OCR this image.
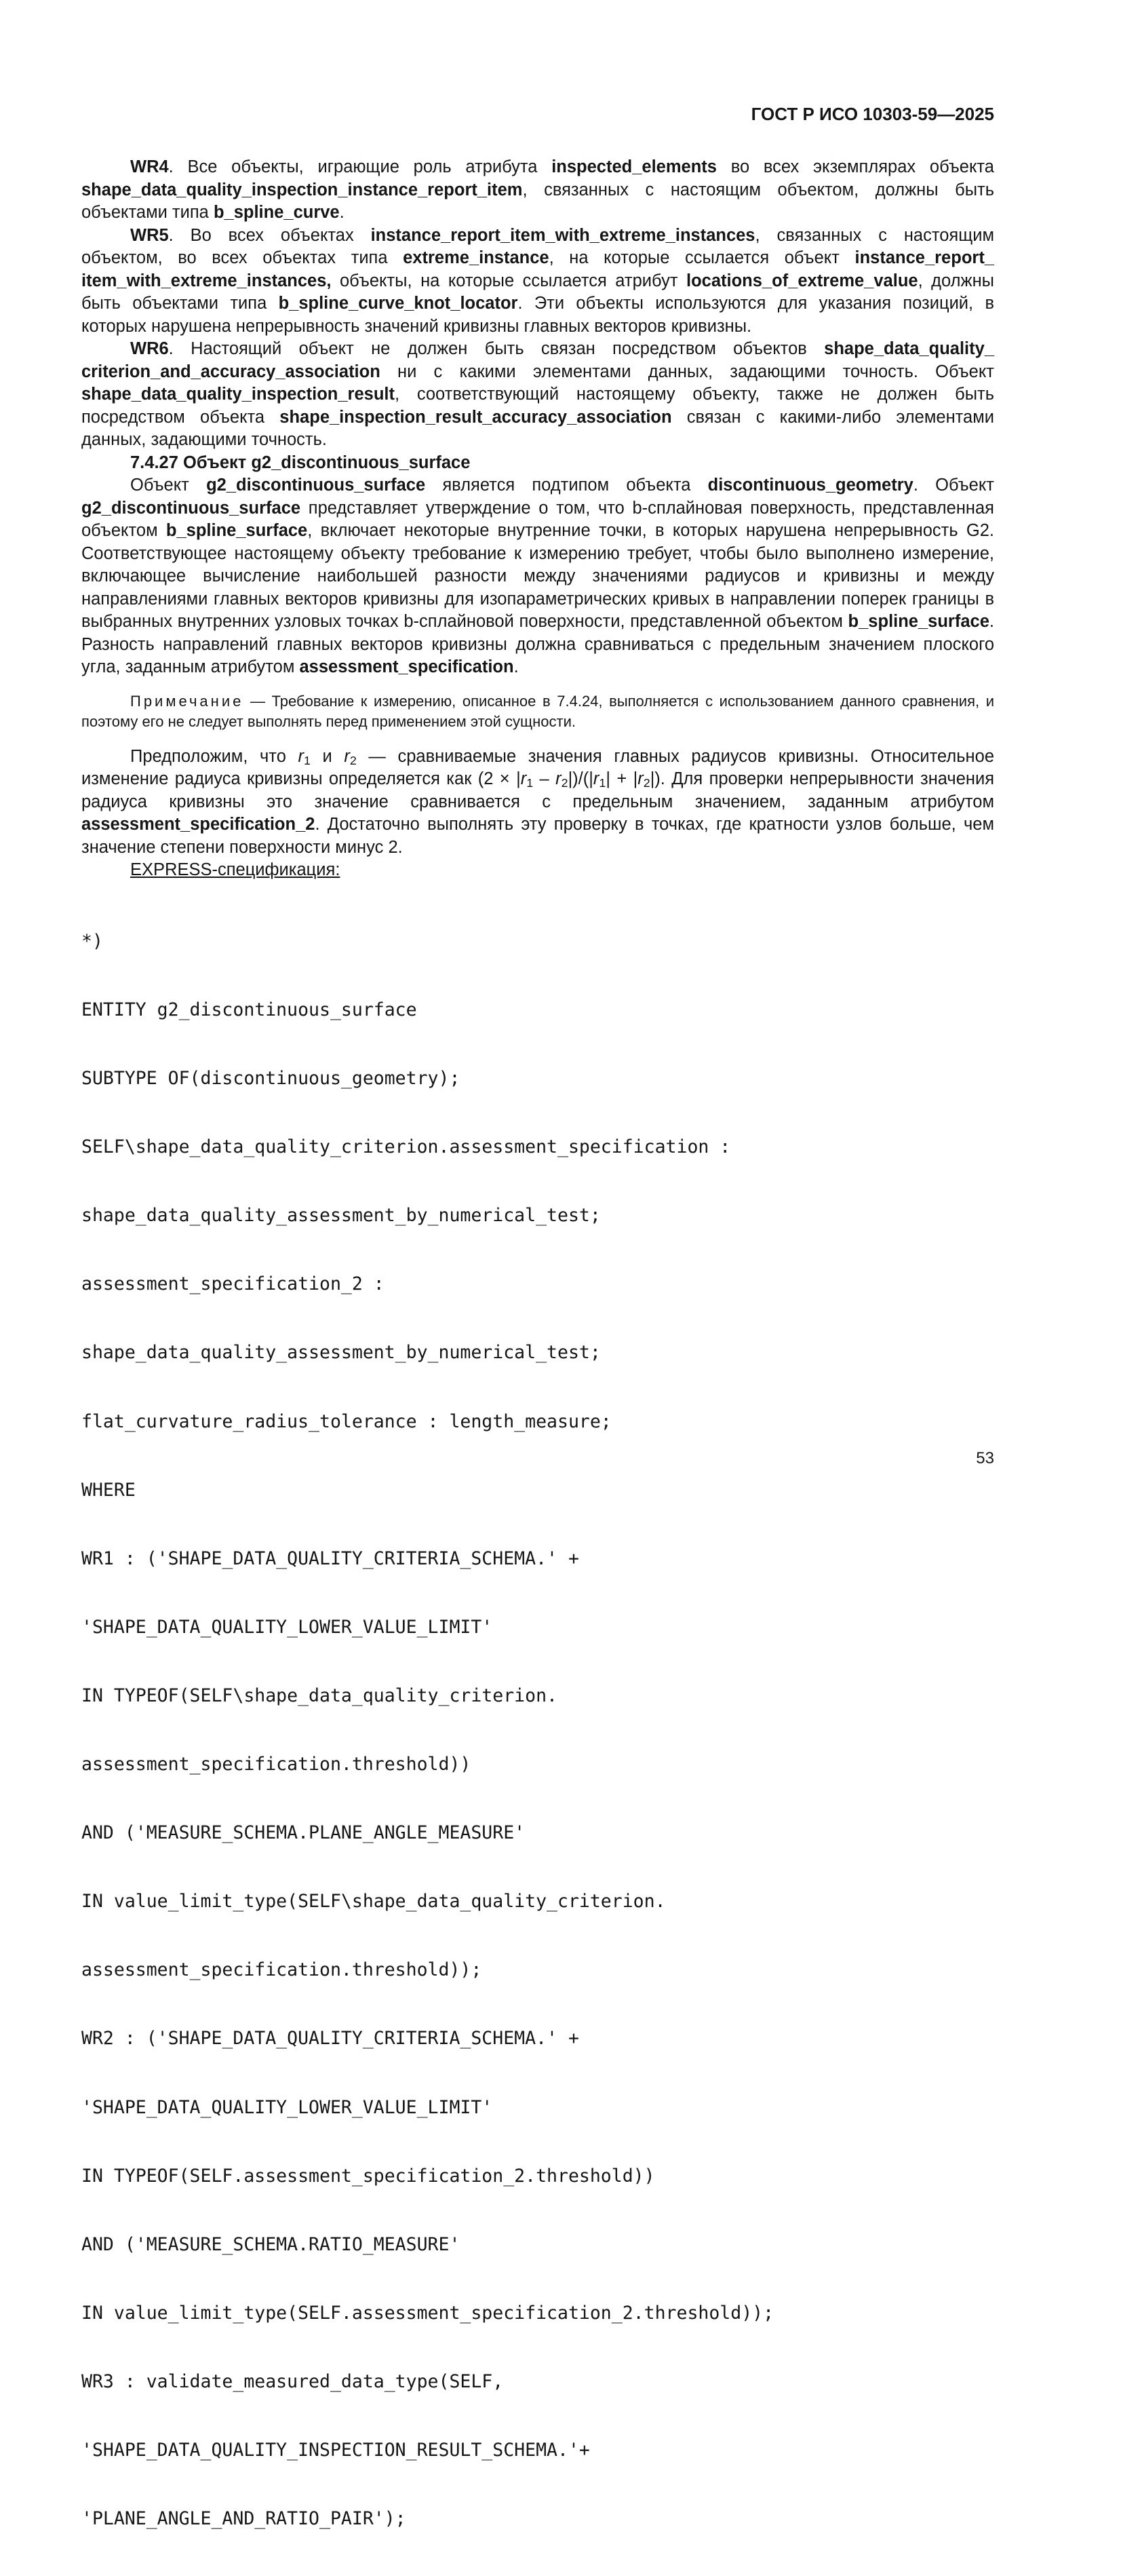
ГОСТ Р ИСО 10303-59—2025

WR4. Все объекты, играющие роль атрибута inspected_elements во всех экземплярах объекта shape_data_quality_inspection_instance_report_item, связанных с настоящим объектом, должны быть объектами типа b_spline_curve.

WR5. Во всех объектах instance_report_item_with_extreme_instances, связанных с настоящим объектом, во всех объектах типа extreme_instance, на которые ссылается объект instance_report_ item_with_extreme_instances, объекты, на которые ссылается атрибут locations_of_extreme_value, должны быть объектами типа b_spline_curve_knot_locator. Эти объекты используются для указания позиций, в которых нарушена непрерывность значений кривизны главных векторов кривизны.

WR6. Настоящий объект не должен быть связан посредством объектов shape_data_quality_ criterion_and_accuracy_association ни с какими элементами данных, задающими точность. Объект shape_data_quality_inspection_result, соответствующий настоящему объекту, также не должен быть посредством объекта shape_inspection_result_accuracy_association связан с какими-либо элементами данных, задающими точность.

7.4.27 Объект g2_discontinuous_surface

Объект g2_discontinuous_surface является подтипом объекта discontinuous_geometry. Объект g2_discontinuous_surface представляет утверждение о том, что b-сплайновая поверхность, представленная объектом b_spline_surface, включает некоторые внутренние точки, в которых нарушена непрерывность G2. Соответствующее настоящему объекту требование к измерению требует, чтобы было выполнено измерение, включающее вычисление наибольшей разности между значениями радиусов и кривизны и между направлениями главных векторов кривизны для изопараметрических кривых в направлении поперек границы в выбранных внутренних узловых точках b-сплайновой поверхности, представленной объектом b_spline_surface. Разность направлений главных векторов кривизны должна сравниваться с предельным значением плоского угла, заданным атрибутом assessment_specification.

Примечание — Требование к измерению, описанное в 7.4.24, выполняется с использованием данного сравнения, и поэтому его не следует выполнять перед применением этой сущности.

Предположим, что $r_1$ и $r_2$ — сравниваемые значения главных радиусов кривизны. Относительное изменение радиуса кривизны определяется как $(2 \times |r_1 - r_2|)/(|r_1| + |r_2|)$. Для проверки непрерывности значения радиуса кривизны это значение сравнивается с предельным значением, заданным атрибутом assessment_specification_2. Достаточно выполнять эту проверку в точках, где кратности узлов больше, чем значение степени поверхности минус 2.

EXPRESS-спецификация:

*)

ENTITY g2_discontinuous_surface

SUBTYPE OF(discontinuous_geometry);

SELF\shape_data_quality_criterion.assessment_specification :

shape_data_quality_assessment_by_numerical_test;

assessment_specification_2 :

shape_data_quality_assessment_by_numerical_test;

flat_curvature_radius_tolerance : length_measure;

WHERE

WR1 : ('SHAPE_DATA_QUALITY_CRITERIA_SCHEMA.' +

'SHAPE_DATA_QUALITY_LOWER_VALUE_LIMIT'

IN TYPEOF(SELF\shape_data_quality_criterion.

assessment_specification.threshold))

AND ('MEASURE_SCHEMA.PLANE_ANGLE_MEASURE'

IN value_limit_type(SELF\shape_data_quality_criterion.

assessment_specification.threshold));

WR2 : ('SHAPE_DATA_QUALITY_CRITERIA_SCHEMA.' +

'SHAPE_DATA_QUALITY_LOWER_VALUE_LIMIT'

IN TYPEOF(SELF.assessment_specification_2.threshold))

AND ('MEASURE_SCHEMA.RATIO_MEASURE'

IN value_limit_type(SELF.assessment_specification_2.threshold));

WR3 : validate_measured_data_type(SELF,

'SHAPE_DATA_QUALITY_INSPECTION_RESULT_SCHEMA.'+

'PLANE_ANGLE_AND_RATIO_PAIR');

53
